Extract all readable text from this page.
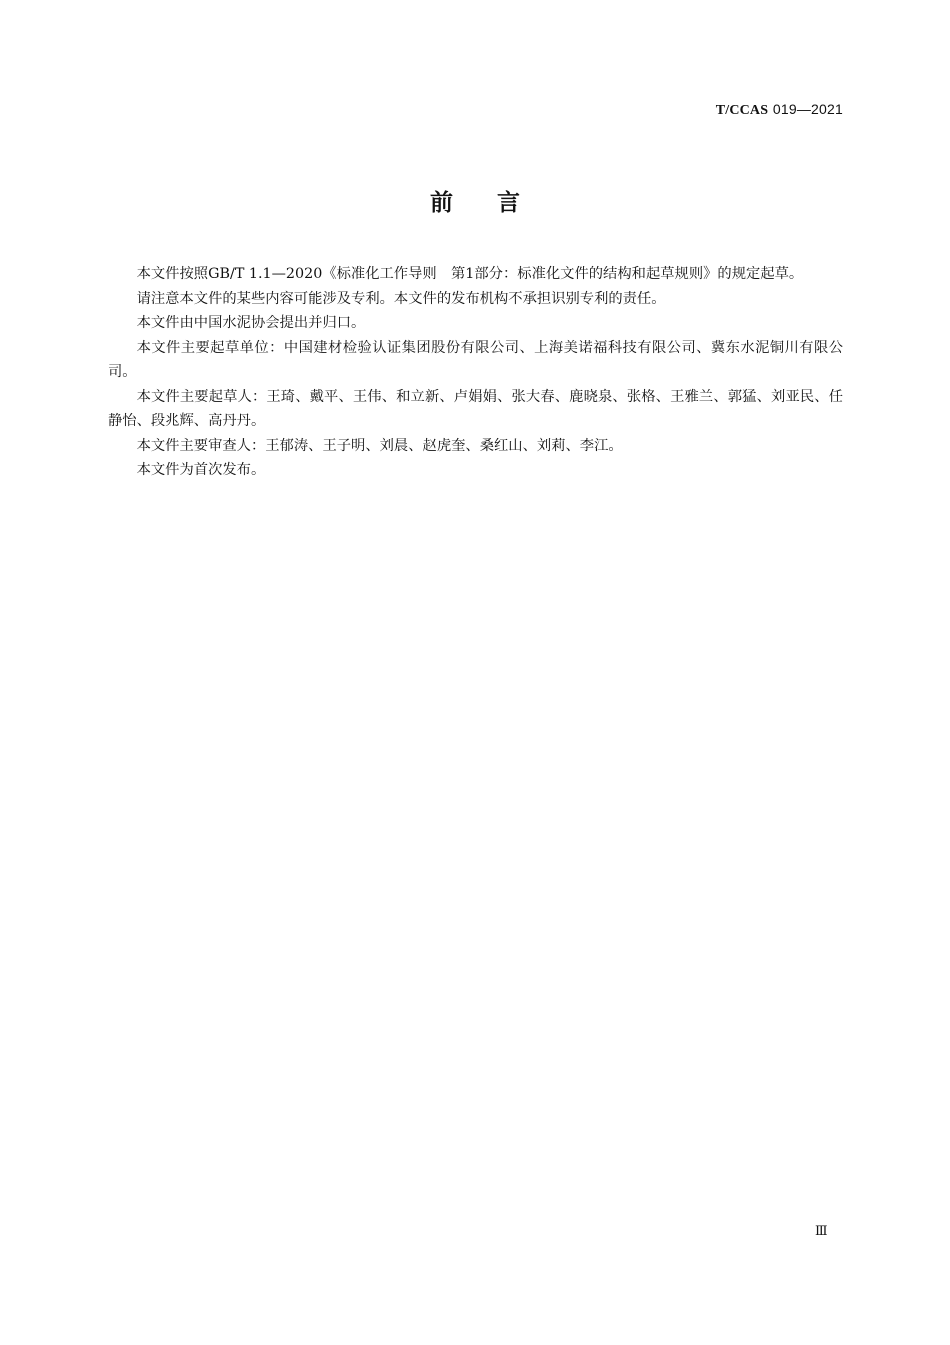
T/CCAS 019—2021
前言

本文件按照GB/T 1.1—2020《标准化工作导则　第1部分：标准化文件的结构和起草规则》的规定起草。

请注意本文件的某些内容可能涉及专利。本文件的发布机构不承担识别专利的责任。

本文件由中国水泥协会提出并归口。

本文件主要起草单位：中国建材检验认证集团股份有限公司、上海美诺福科技有限公司、冀东水泥铜川有限公司。

本文件主要起草人：王琦、戴平、王伟、和立新、卢娟娟、张大春、鹿晓泉、张格、王雅兰、郭猛、刘亚民、任静怡、段兆辉、高丹丹。

本文件主要审查人：王郁涛、王子明、刘晨、赵虎奎、桑红山、刘莉、李江。

本文件为首次发布。

Ⅲ
